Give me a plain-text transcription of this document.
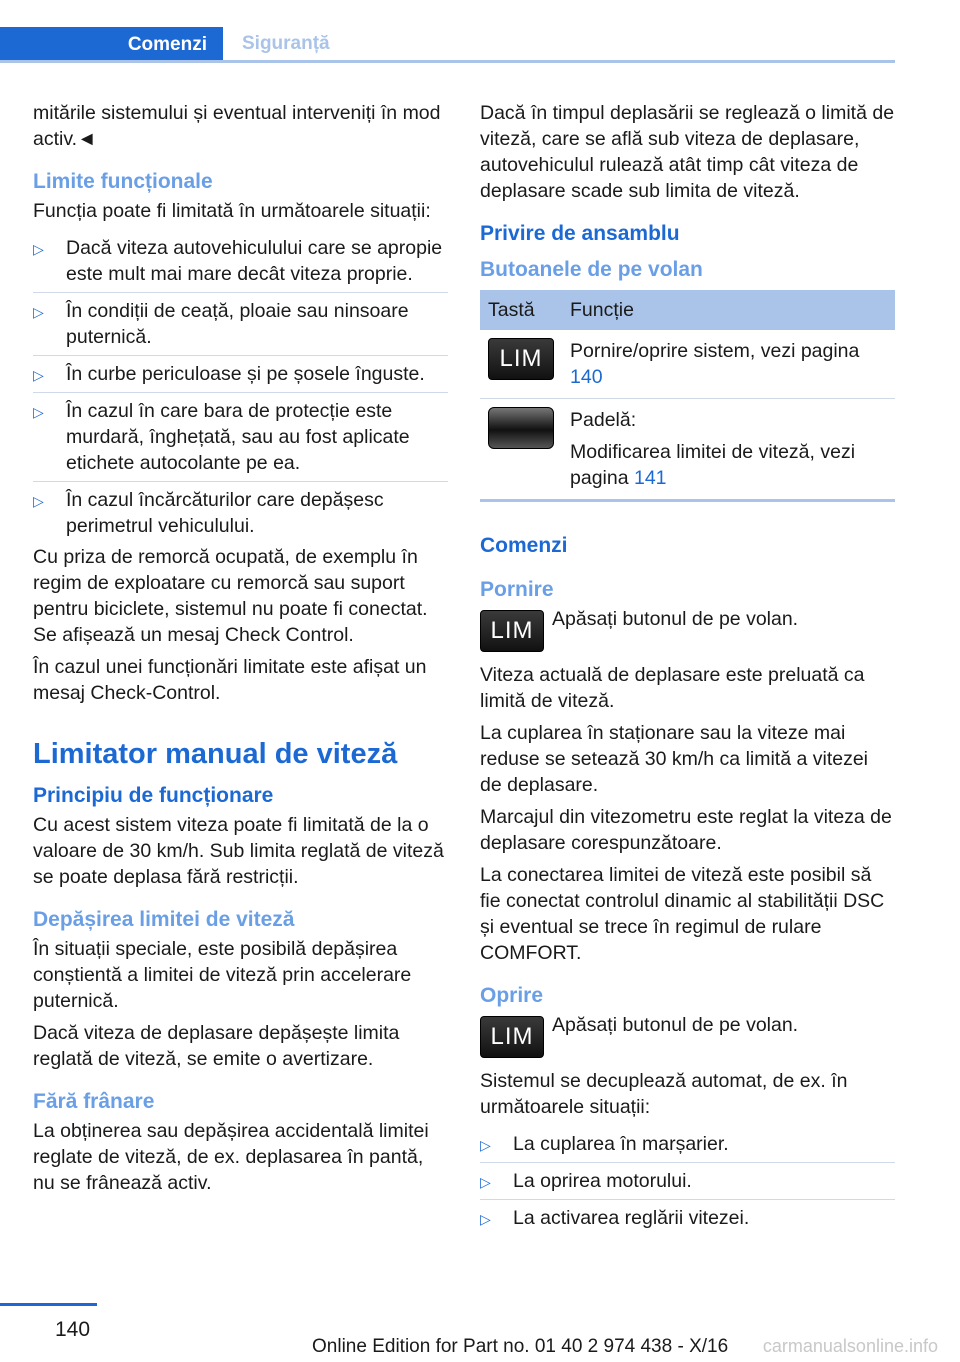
Comenzi	Siguranță

mitările sistemului și eventual interveniți în mod activ.◄

Limite funcționale

Funcția poate fi limitată în următoarele situații:

▷ Dacă viteza autovehiculului care se apropie este mult mai mare decât viteza proprie.
▷ În condiții de ceață, ploaie sau ninsoare puternică.
▷ În curbe periculoase și pe șosele înguste.
▷ În cazul în care bara de protecție este murdară, înghețată, sau au fost aplicate etichete autocolante pe ea.
▷ În cazul încărcăturilor care depășesc perimetrul vehiculului.

Cu priza de remorcă ocupată, de exemplu în regim de exploatare cu remorcă sau suport pentru biciclete, sistemul nu poate fi conectat. Se afișează un mesaj Check Control.

În cazul unei funcționări limitate este afișat un mesaj Check-Control.

Limitator manual de viteză
Principiu de funcționare

Cu acest sistem viteza poate fi limitată de la o valoare de 30 km/h. Sub limita reglată de viteză se poate deplasa fără restricții.

Depășirea limitei de viteză

În situații speciale, este posibilă depășirea conștientă a limitei de viteză prin accelerare puternică.

Dacă viteza de deplasare depășește limita reglată de viteză, se emite o avertizare.

Fără frânare

La obținerea sau depășirea accidentală limitei reglate de viteză, de ex. deplasarea în pantă, nu se frânează activ.

Dacă în timpul deplasării se reglează o limită de viteză, care se află sub viteza de deplasare, autovehiculul rulează atât timp cât viteza de deplasare scade sub limita de viteză.

Privire de ansamblu
Butoanele de pe volan
Tastă	Funcție

LIM	Pornire/oprire sistem, vezi pagina 140

	Padelă:
Modificarea limitei de viteză, vezi pagina 141
Comenzi
Pornire
LIM Apăsați butonul de pe volan.

Viteza actuală de deplasare este preluată ca limită de viteză.

La cuplarea în staționare sau la viteze mai reduse se setează 30 km/h ca limită a vitezei de deplasare.

Marcajul din vitezometru este reglat la viteza de deplasare corespunzătoare.

La conectarea limitei de viteză este posibil să fie conectat controlul dinamic al stabilității DSC și eventual se trece în regimul de rulare COMFORT.

Oprire
LIM Apăsați butonul de pe volan.

Sistemul se decuplează automat, de ex. în următoarele situații:

▷ La cuplarea în marșarier.
▷ La oprirea motorului.
▷ La activarea reglării vitezei.
140
Online Edition for Part no. 01 40 2 974 438 - X/16 carmanualsonline.info
